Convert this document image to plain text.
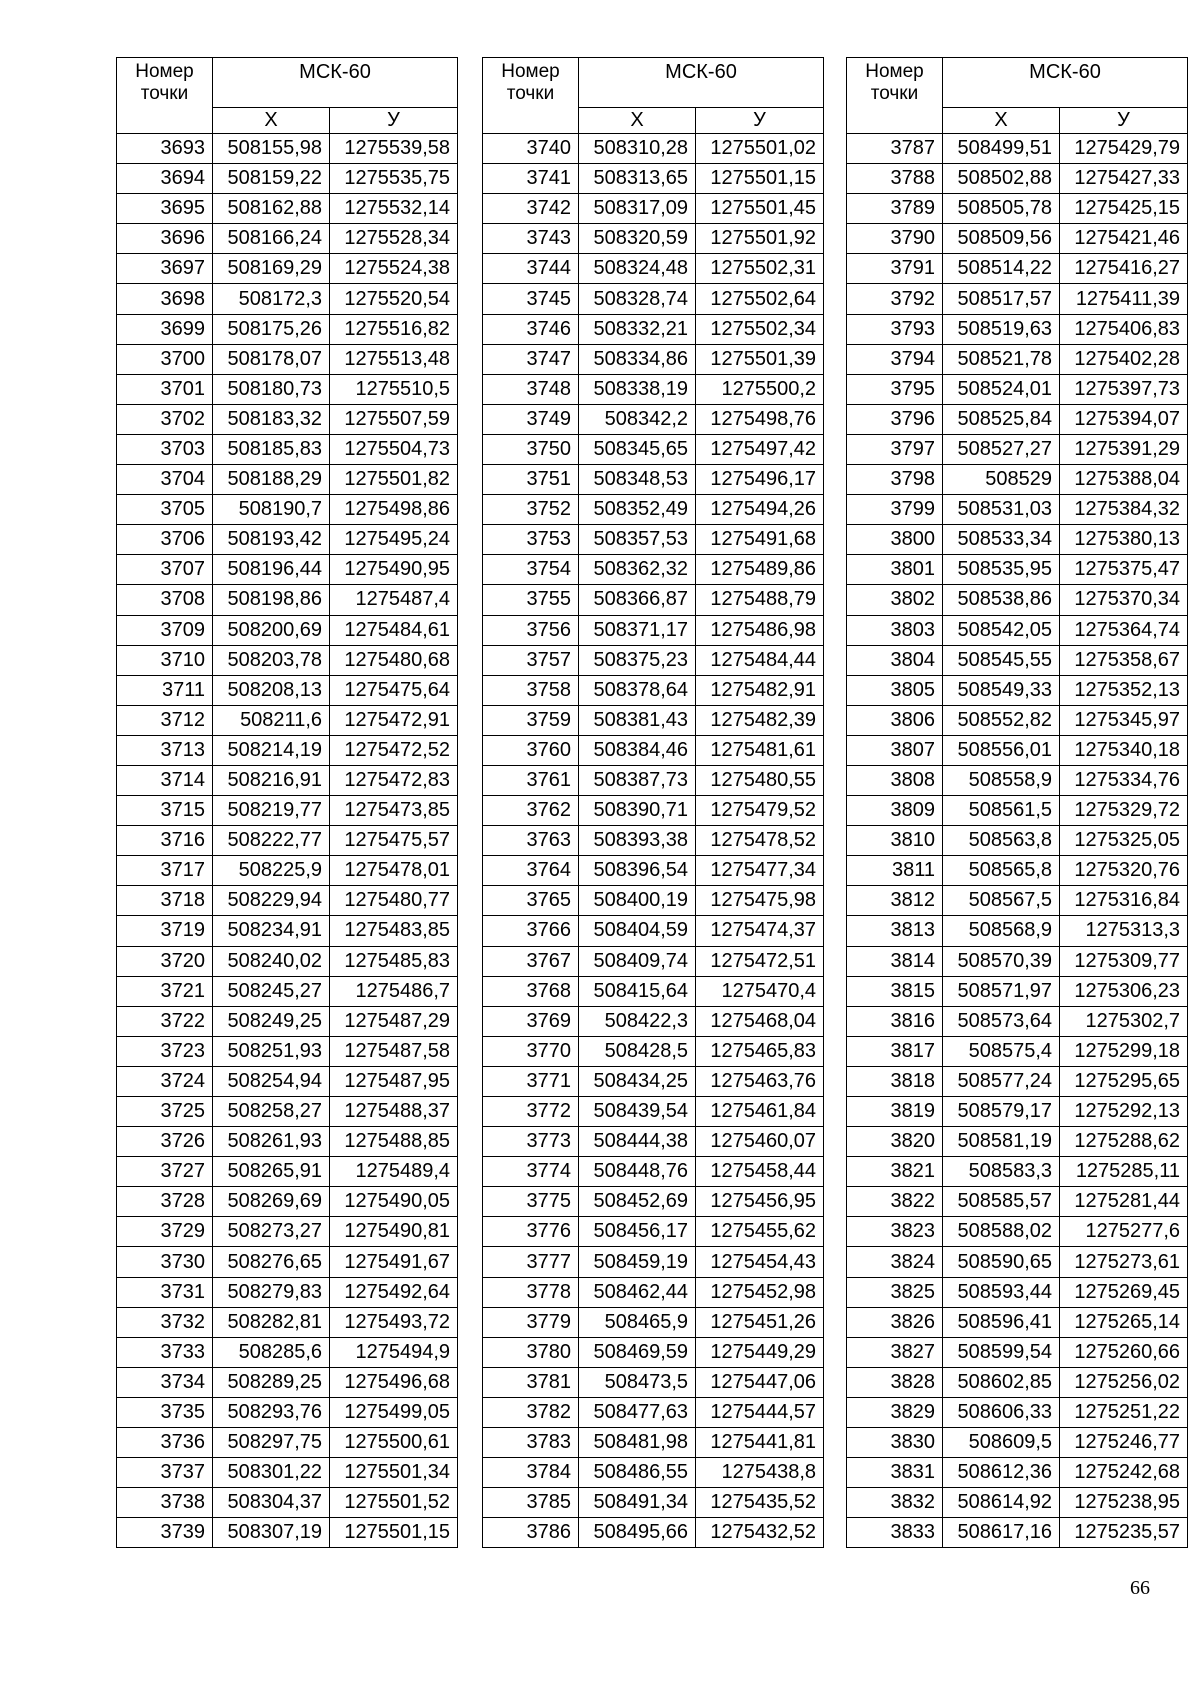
Номер точки	МСК-60	
	X	У
3693	508155,98	1275539,58
3694	508159,22	1275535,75
3695	508162,88	1275532,14
3696	508166,24	1275528,34
3697	508169,29	1275524,38
3698	508172,3	1275520,54
3699	508175,26	1275516,82
3700	508178,07	1275513,48
3701	508180,73	1275510,5
3702	508183,32	1275507,59
3703	508185,83	1275504,73
3704	508188,29	1275501,82
3705	508190,7	1275498,86
3706	508193,42	1275495,24
3707	508196,44	1275490,95
3708	508198,86	1275487,4
3709	508200,69	1275484,61
3710	508203,78	1275480,68
3711	508208,13	1275475,64
3712	508211,6	1275472,91
3713	508214,19	1275472,52
3714	508216,91	1275472,83
3715	508219,77	1275473,85
3716	508222,77	1275475,57
3717	508225,9	1275478,01
3718	508229,94	1275480,77
3719	508234,91	1275483,85
3720	508240,02	1275485,83
3721	508245,27	1275486,7
3722	508249,25	1275487,29
3723	508251,93	1275487,58
3724	508254,94	1275487,95
3725	508258,27	1275488,37
3726	508261,93	1275488,85
3727	508265,91	1275489,4
3728	508269,69	1275490,05
3729	508273,27	1275490,81
3730	508276,65	1275491,67
3731	508279,83	1275492,64
3732	508282,81	1275493,72
3733	508285,6	1275494,9
3734	508289,25	1275496,68
3735	508293,76	1275499,05
3736	508297,75	1275500,61
3737	508301,22	1275501,34
3738	508304,37	1275501,52
3739	508307,19	1275501,15
Номер точки	МСК-60	
	X	У
3740	508310,28	1275501,02
3741	508313,65	1275501,15
3742	508317,09	1275501,45
3743	508320,59	1275501,92
3744	508324,48	1275502,31
3745	508328,74	1275502,64
3746	508332,21	1275502,34
3747	508334,86	1275501,39
3748	508338,19	1275500,2
3749	508342,2	1275498,76
3750	508345,65	1275497,42
3751	508348,53	1275496,17
3752	508352,49	1275494,26
3753	508357,53	1275491,68
3754	508362,32	1275489,86
3755	508366,87	1275488,79
3756	508371,17	1275486,98
3757	508375,23	1275484,44
3758	508378,64	1275482,91
3759	508381,43	1275482,39
3760	508384,46	1275481,61
3761	508387,73	1275480,55
3762	508390,71	1275479,52
3763	508393,38	1275478,52
3764	508396,54	1275477,34
3765	508400,19	1275475,98
3766	508404,59	1275474,37
3767	508409,74	1275472,51
3768	508415,64	1275470,4
3769	508422,3	1275468,04
3770	508428,5	1275465,83
3771	508434,25	1275463,76
3772	508439,54	1275461,84
3773	508444,38	1275460,07
3774	508448,76	1275458,44
3775	508452,69	1275456,95
3776	508456,17	1275455,62
3777	508459,19	1275454,43
3778	508462,44	1275452,98
3779	508465,9	1275451,26
3780	508469,59	1275449,29
3781	508473,5	1275447,06
3782	508477,63	1275444,57
3783	508481,98	1275441,81
3784	508486,55	1275438,8
3785	508491,34	1275435,52
3786	508495,66	1275432,52
Номер точки	МСК-60	
	X	У
3787	508499,51	1275429,79
3788	508502,88	1275427,33
3789	508505,78	1275425,15
3790	508509,56	1275421,46
3791	508514,22	1275416,27
3792	508517,57	1275411,39
3793	508519,63	1275406,83
3794	508521,78	1275402,28
3795	508524,01	1275397,73
3796	508525,84	1275394,07
3797	508527,27	1275391,29
3798	508529	1275388,04
3799	508531,03	1275384,32
3800	508533,34	1275380,13
3801	508535,95	1275375,47
3802	508538,86	1275370,34
3803	508542,05	1275364,74
3804	508545,55	1275358,67
3805	508549,33	1275352,13
3806	508552,82	1275345,97
3807	508556,01	1275340,18
3808	508558,9	1275334,76
3809	508561,5	1275329,72
3810	508563,8	1275325,05
3811	508565,8	1275320,76
3812	508567,5	1275316,84
3813	508568,9	1275313,3
3814	508570,39	1275309,77
3815	508571,97	1275306,23
3816	508573,64	1275302,7
3817	508575,4	1275299,18
3818	508577,24	1275295,65
3819	508579,17	1275292,13
3820	508581,19	1275288,62
3821	508583,3	1275285,11
3822	508585,57	1275281,44
3823	508588,02	1275277,6
3824	508590,65	1275273,61
3825	508593,44	1275269,45
3826	508596,41	1275265,14
3827	508599,54	1275260,66
3828	508602,85	1275256,02
3829	508606,33	1275251,22
3830	508609,5	1275246,77
3831	508612,36	1275242,68
3832	508614,92	1275238,95
3833	508617,16	1275235,57
66
